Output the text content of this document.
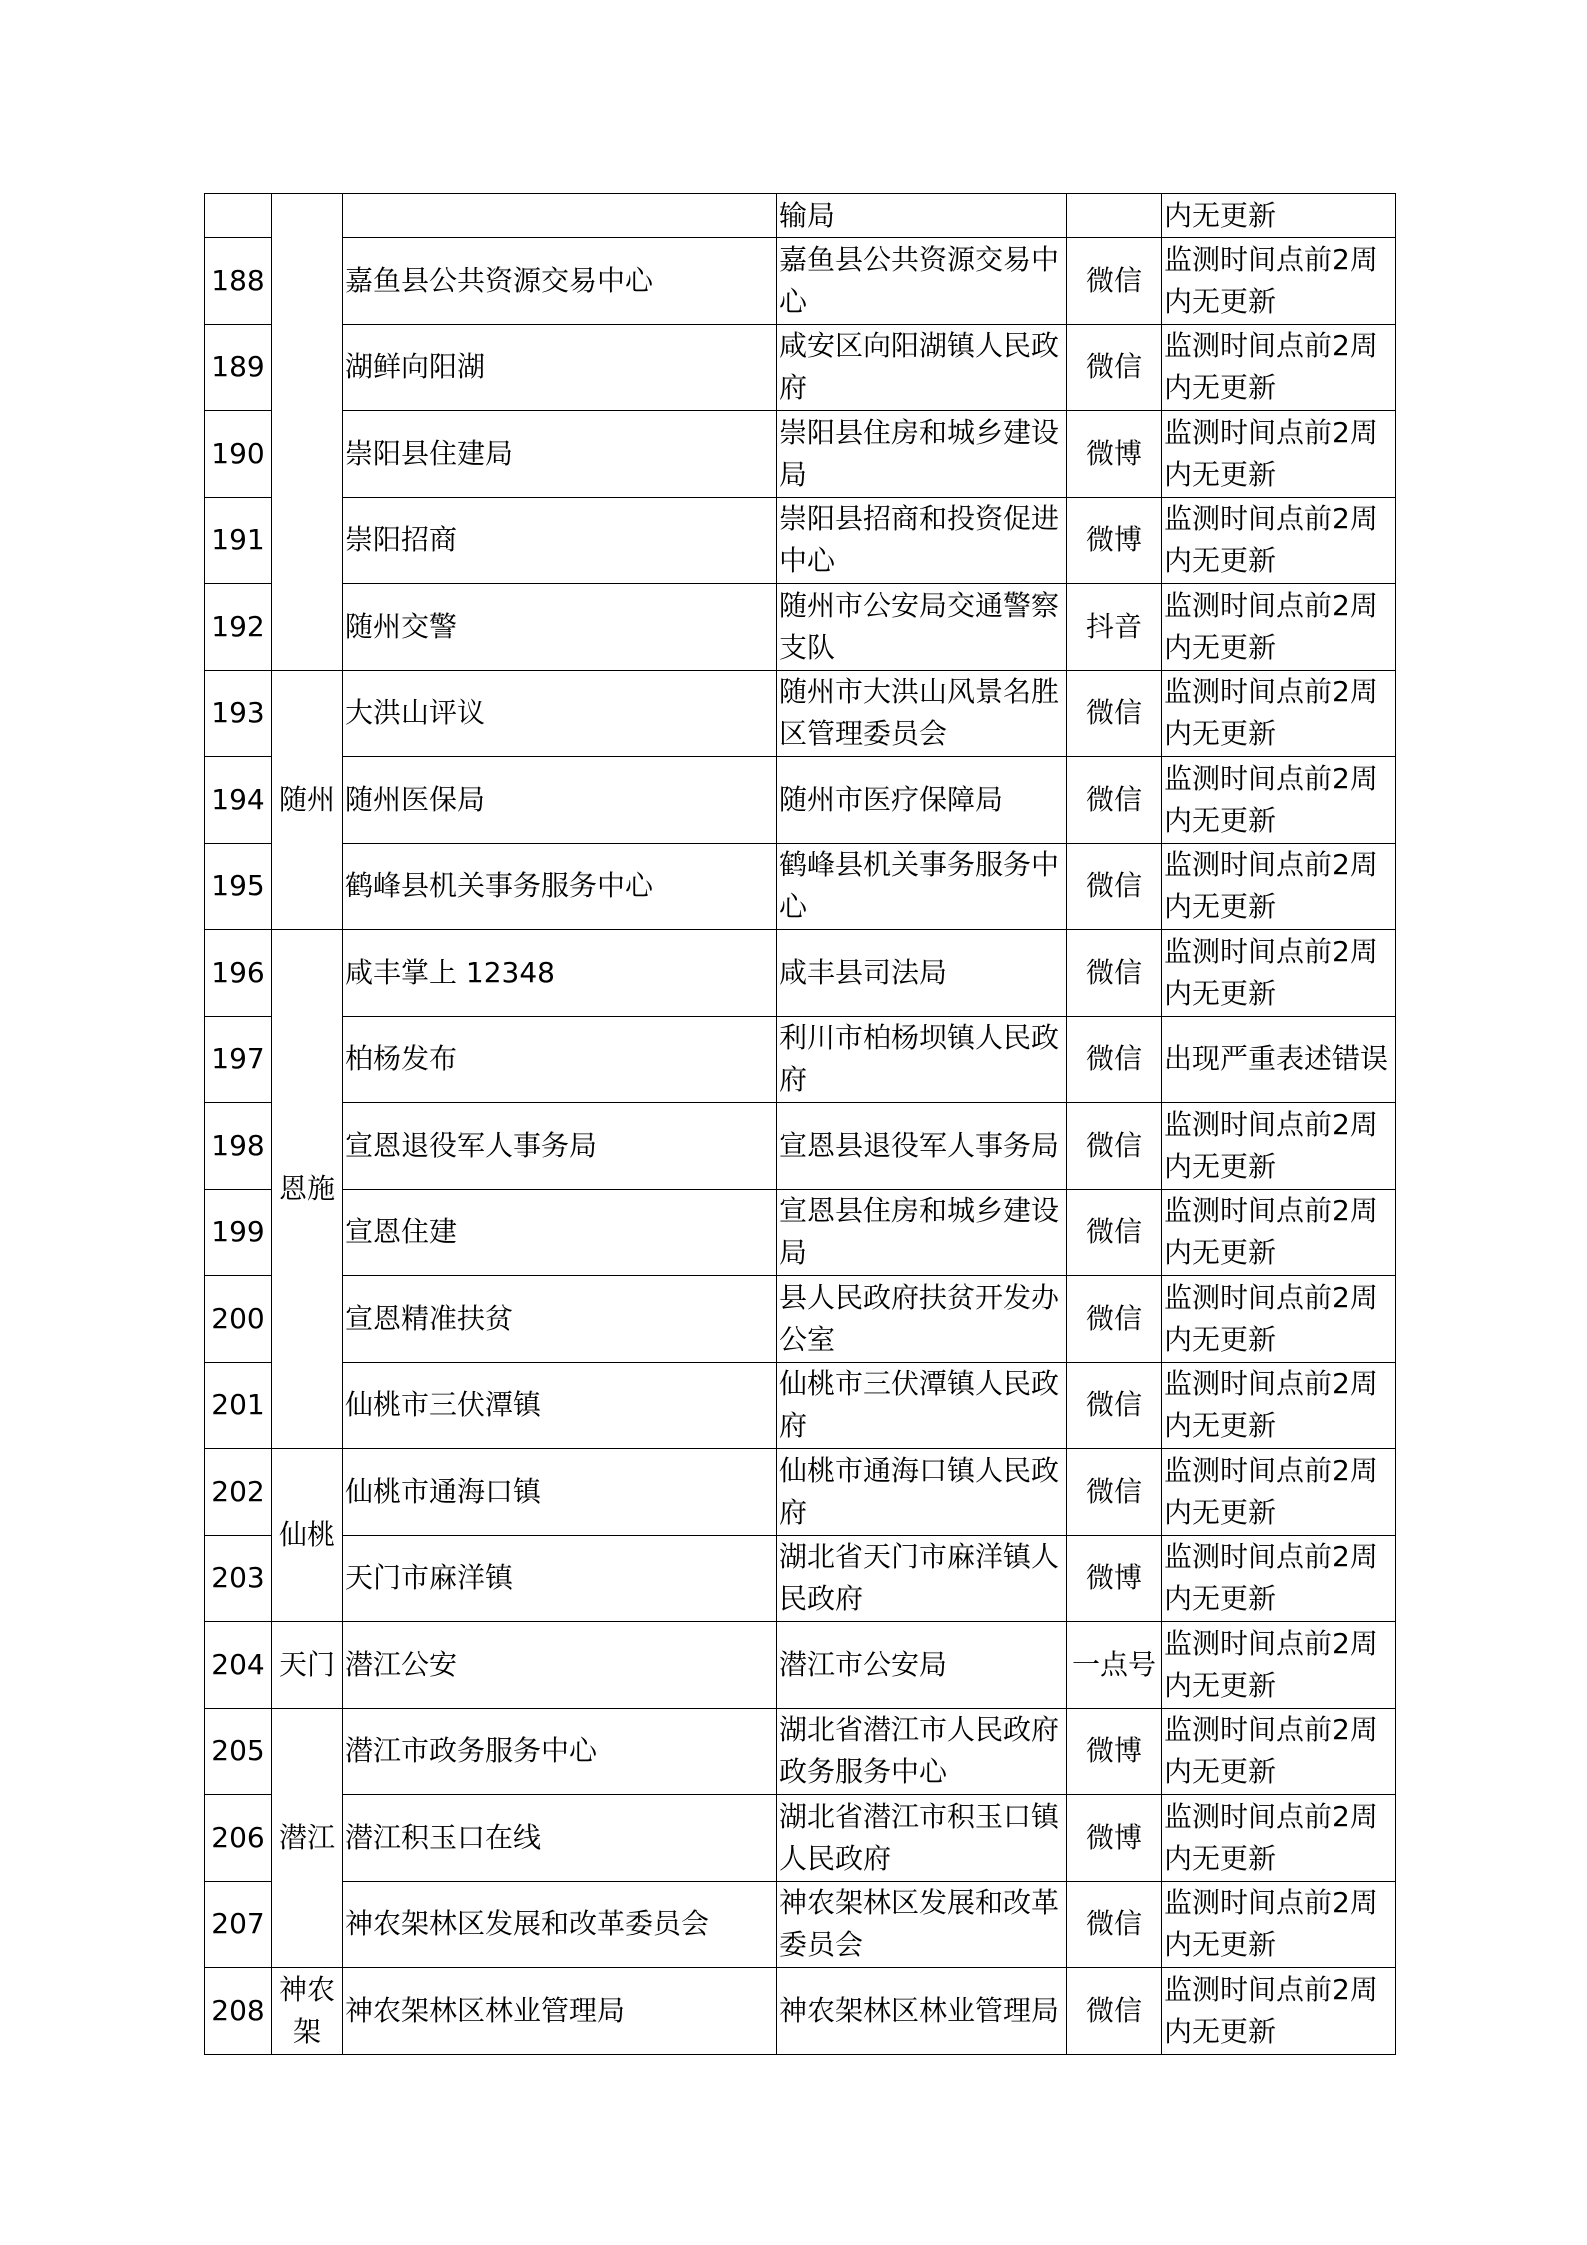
			输局		内无更新
188		嘉鱼县公共资源交易中心	嘉鱼县公共资源交易中心	微信	监测时间点前2周内无更新
189		湖鲜向阳湖	咸安区向阳湖镇人民政府	微信	监测时间点前2周内无更新
190		崇阳县住建局	崇阳县住房和城乡建设局	微博	监测时间点前2周内无更新
191		崇阳招商	崇阳县招商和投资促进中心	微博	监测时间点前2周内无更新
192		随州交警	随州市公安局交通警察支队	抖音	监测时间点前2周内无更新
193	随州	大洪山评议	随州市大洪山风景名胜区管理委员会	微信	监测时间点前2周内无更新
194		随州医保局	随州市医疗保障局	微信	监测时间点前2周内无更新
195		鹤峰县机关事务服务中心	鹤峰县机关事务服务中心	微信	监测时间点前2周内无更新
196	恩施	咸丰掌上 12348	咸丰县司法局	微信	监测时间点前2周内无更新
197		柏杨发布	利川市柏杨坝镇人民政府	微信	出现严重表述错误
198		宣恩退役军人事务局	宣恩县退役军人事务局	微信	监测时间点前2周内无更新
199		宣恩住建	宣恩县住房和城乡建设局	微信	监测时间点前2周内无更新
200		宣恩精准扶贫	县人民政府扶贫开发办公室	微信	监测时间点前2周内无更新
201		仙桃市三伏潭镇	仙桃市三伏潭镇人民政府	微信	监测时间点前2周内无更新
202	仙桃	仙桃市通海口镇	仙桃市通海口镇人民政府	微信	监测时间点前2周内无更新
203		天门市麻洋镇	湖北省天门市麻洋镇人民政府	微博	监测时间点前2周内无更新
204	天门	潜江公安	潜江市公安局	一点号	监测时间点前2周内无更新
205	潜江	潜江市政务服务中心	湖北省潜江市人民政府政务服务中心	微博	监测时间点前2周内无更新
206		潜江积玉口在线	湖北省潜江市积玉口镇人民政府	微博	监测时间点前2周内无更新
207		神农架林区发展和改革委员会	神农架林区发展和改革委员会	微信	监测时间点前2周内无更新
208	神农架	神农架林区林业管理局	神农架林区林业管理局	微信	监测时间点前2周内无更新
